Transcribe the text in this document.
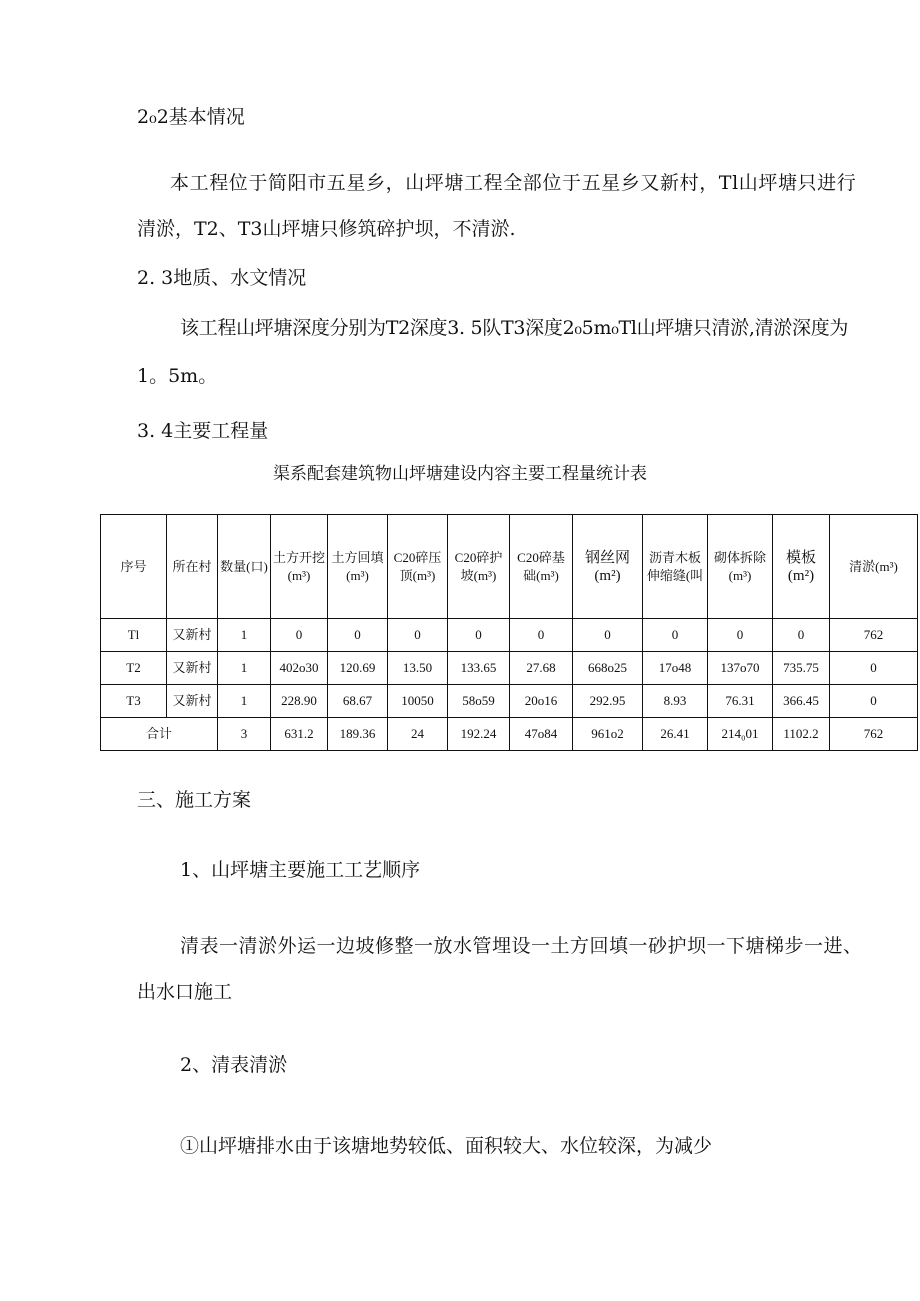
2₀2基本情况
本工程位于简阳市五星乡，山坪塘工程全部位于五星乡又新村，Tl山坪塘只进行
清淤，T2、T3山坪塘只修筑碎护坝，不清淤.
2. 3地质、水文情况
该工程山坪塘深度分别为T2深度3. 5队T3深度2₀5m₀Tl山坪塘只清淤,清淤深度为
1。5m。
3. 4主要工程量
渠系配套建筑物山坪塘建设内容主要工程量统计表
序号	所在村	数量(口)	土方开挖(m³)	土方回填(m³)	C20碎压顶(m³)	C20碎护坡(m³)	C20碎基础(m³)	钢丝网(m²)	沥青木板伸缩缝(叫	砌体拆除(m³)	模板(m²)	清淤(m³)
Tl	又新村	1	0	0	0	0	0	0	0	0	0	762
T2	又新村	1	402o30	120.69	13.50	133.65	27.68	668o25	17o48	137o70	735.75	0
T3	又新村	1	228.90	68.67	10050	58o59	20o16	292.95	8.93	76.31	366.45	0
合计		3	631.2	189.36	24	192.24	47o84	961o2	26.41	214₀01	1102.2	762
三、施工方案
1、山坪塘主要施工工艺顺序
清表一清淤外运一边坡修整一放水管埋设一土方回填一砂护坝一下塘梯步一进、
出水口施工
2、清表清淤
①山坪塘排水由于该塘地势较低、面积较大、水位较深，为减少
